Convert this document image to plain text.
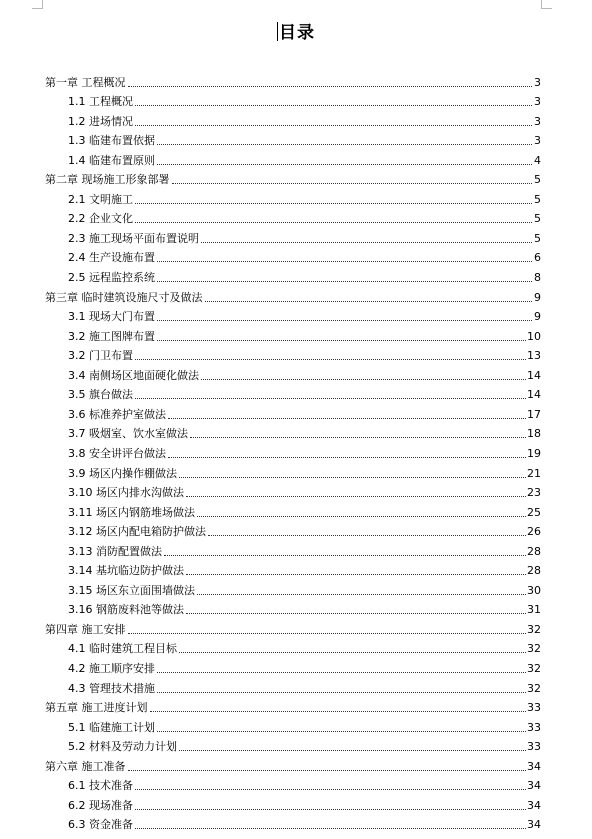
目录
第一章 工程概况	3
1.1 工程概况	3
1.2 进场情况	3
1.3 临建布置依据	3
1.4 临建布置原则	4
第二章 现场施工形象部署	5
2.1 文明施工	5
2.2 企业文化	5
2.3 施工现场平面布置说明	5
2.4 生产设施布置	6
2.5 远程监控系统	8
第三章 临时建筑设施尺寸及做法	9
3.1 现场大门布置	9
3.2 施工图牌布置	10
3.2 门卫布置	13
3.4 南侧场区地面硬化做法	14
3.5 旗台做法	14
3.6 标准养护室做法	17
3.7 吸烟室、饮水室做法	18
3.8 安全讲评台做法	19
3.9 场区内操作棚做法	21
3.10 场区内排水沟做法	23
3.11 场区内钢筋堆场做法	25
3.12 场区内配电箱防护做法	26
3.13 消防配置做法	28
3.14 基坑临边防护做法	28
3.15 场区东立面围墙做法	30
3.16 钢筋废料池等做法	31
第四章 施工安排	32
4.1 临时建筑工程目标	32
4.2 施工顺序安排	32
4.3 管理技术措施	32
第五章 施工进度计划	33
5.1 临建施工计划	33
5.2 材料及劳动力计划	33
第六章 施工准备	34
6.1 技术准备	34
6.2 现场准备	34
6.3 资金准备	34
